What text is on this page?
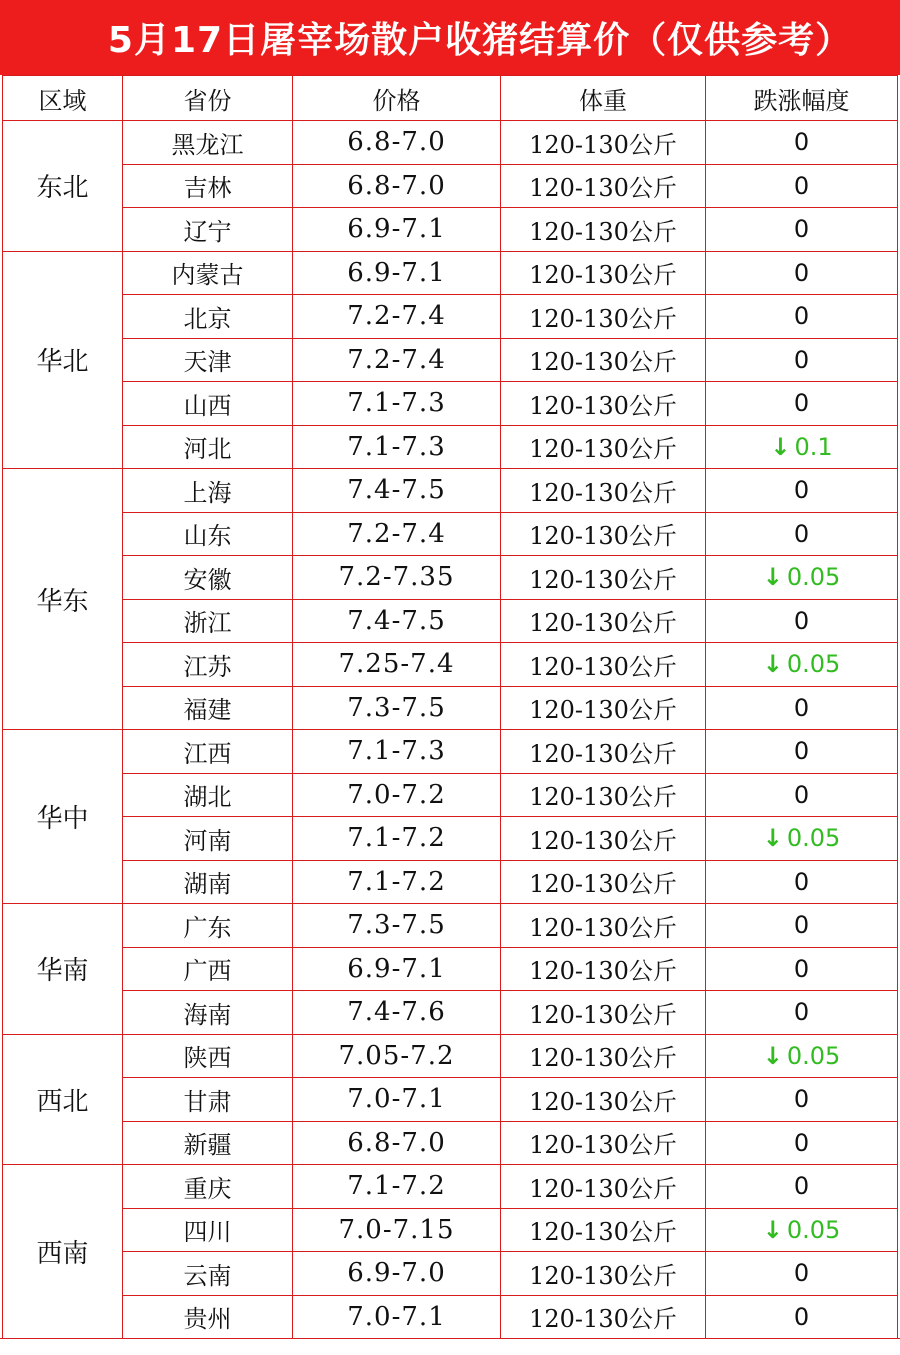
5月17日屠宰场散户收猪结算价（仅供参考）
区域	省份	价格	体重	跌涨幅度
东北	黑龙江	6.8-7.0	120-130公斤	0
	吉林	6.8-7.0	120-130公斤	0
	辽宁	6.9-7.1	120-130公斤	0
华北	内蒙古	6.9-7.1	120-130公斤	0
	北京	7.2-7.4	120-130公斤	0
	天津	7.2-7.4	120-130公斤	0
	山西	7.1-7.3	120-130公斤	0
	河北	7.1-7.3	120-130公斤	↓ 0.1
华东	上海	7.4-7.5	120-130公斤	0
	山东	7.2-7.4	120-130公斤	0
	安徽	7.2-7.35	120-130公斤	↓ 0.05
	浙江	7.4-7.5	120-130公斤	0
	江苏	7.25-7.4	120-130公斤	↓ 0.05
	福建	7.3-7.5	120-130公斤	0
华中	江西	7.1-7.3	120-130公斤	0
	湖北	7.0-7.2	120-130公斤	0
	河南	7.1-7.2	120-130公斤	↓ 0.05
	湖南	7.1-7.2	120-130公斤	0
华南	广东	7.3-7.5	120-130公斤	0
	广西	6.9-7.1	120-130公斤	0
	海南	7.4-7.6	120-130公斤	0
西北	陕西	7.05-7.2	120-130公斤	↓ 0.05
	甘肃	7.0-7.1	120-130公斤	0
	新疆	6.8-7.0	120-130公斤	0
西南	重庆	7.1-7.2	120-130公斤	0
	四川	7.0-7.15	120-130公斤	↓ 0.05
	云南	6.9-7.0	120-130公斤	0
	贵州	7.0-7.1	120-130公斤	0
